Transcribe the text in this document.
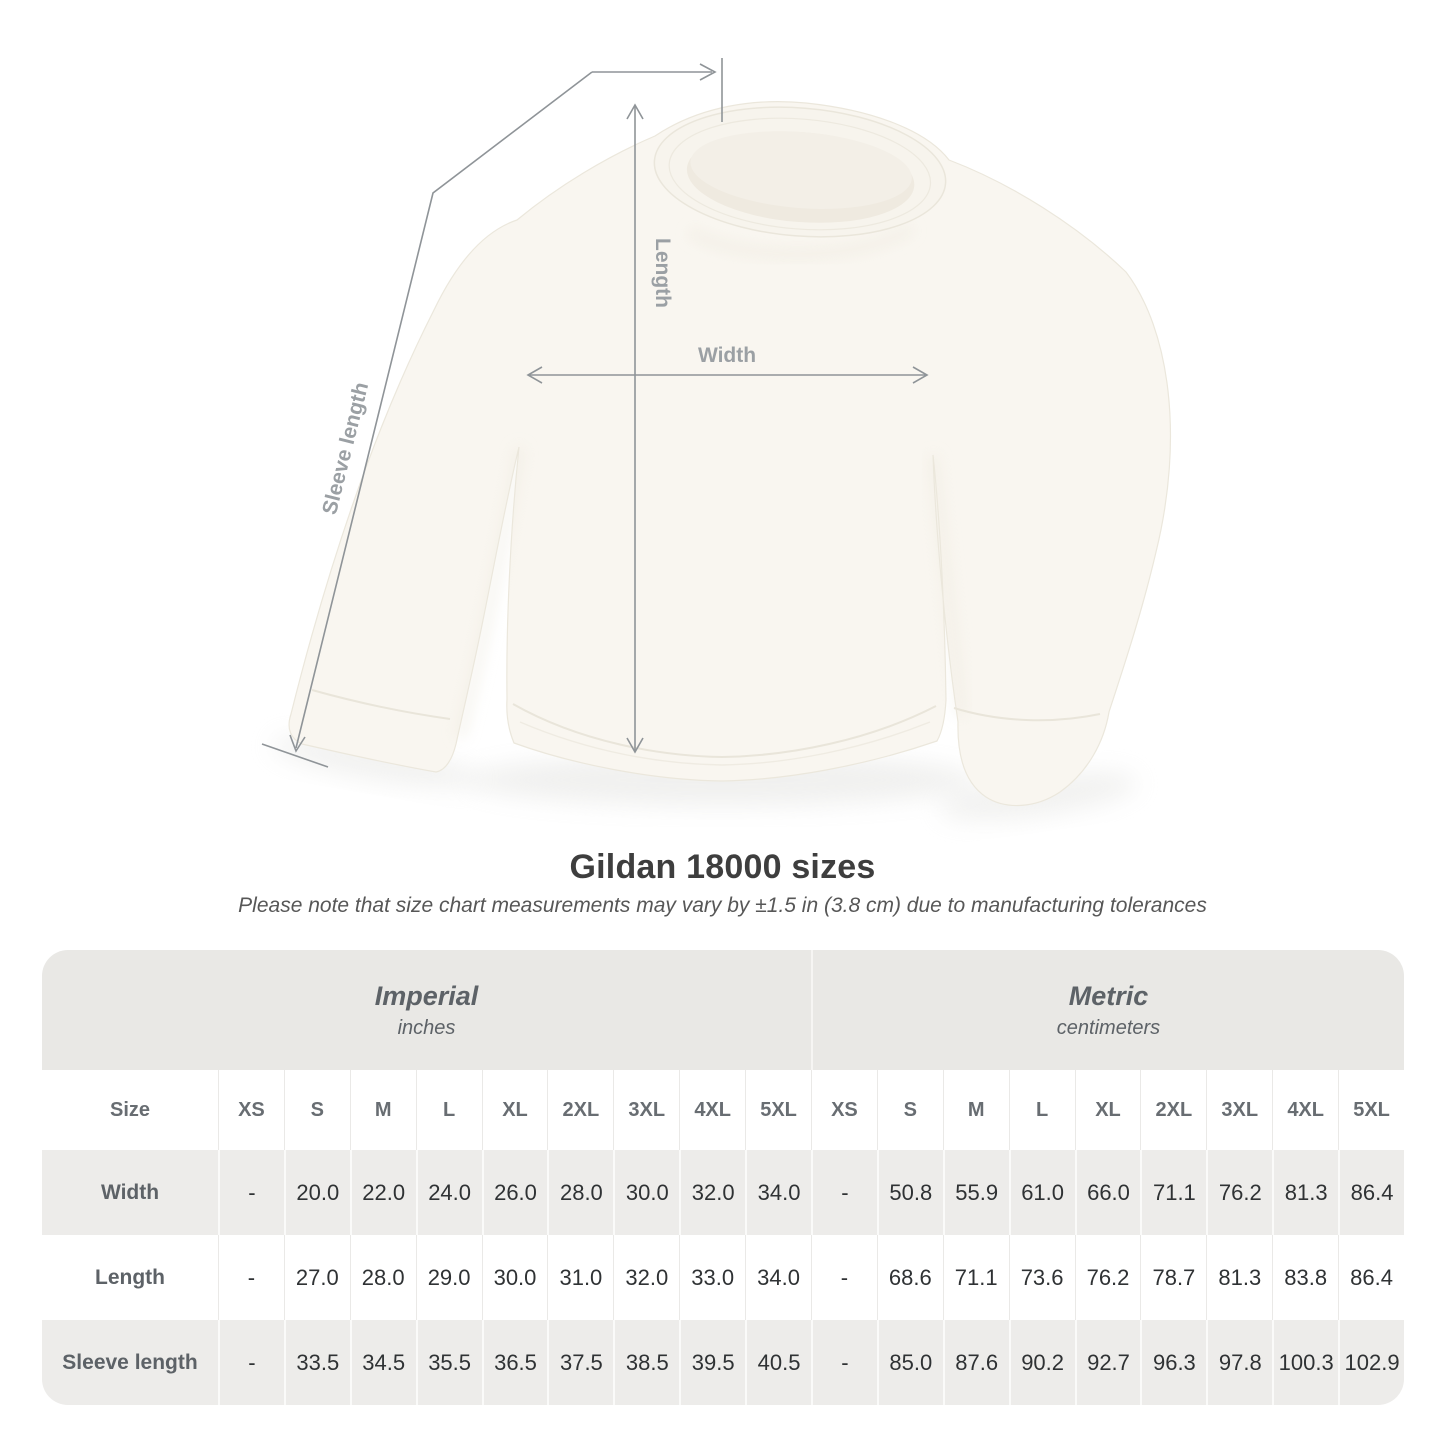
Length
Width
Sleeve length
Gildan 18000 sizes

Please note that size chart measurements may vary by ±1.5 in (3.8 cm) due to manufacturing tolerances

Imperial
inches
Metric
centimeters
Size	XS	S	M	L	XL	2XL	3XL	4XL	5XL	XS	S	M	L	XL	2XL	3XL	4XL	5XL
Width	-	20.0	22.0	24.0	26.0	28.0	30.0	32.0	34.0	-	50.8	55.9	61.0	66.0	71.1	76.2	81.3	86.4
Length	-	27.0	28.0	29.0	30.0	31.0	32.0	33.0	34.0	-	68.6	71.1	73.6	76.2	78.7	81.3	83.8	86.4
Sleeve length	-	33.5	34.5	35.5	36.5	37.5	38.5	39.5	40.5	-	85.0	87.6	90.2	92.7	96.3	97.8 100.3 102.9
